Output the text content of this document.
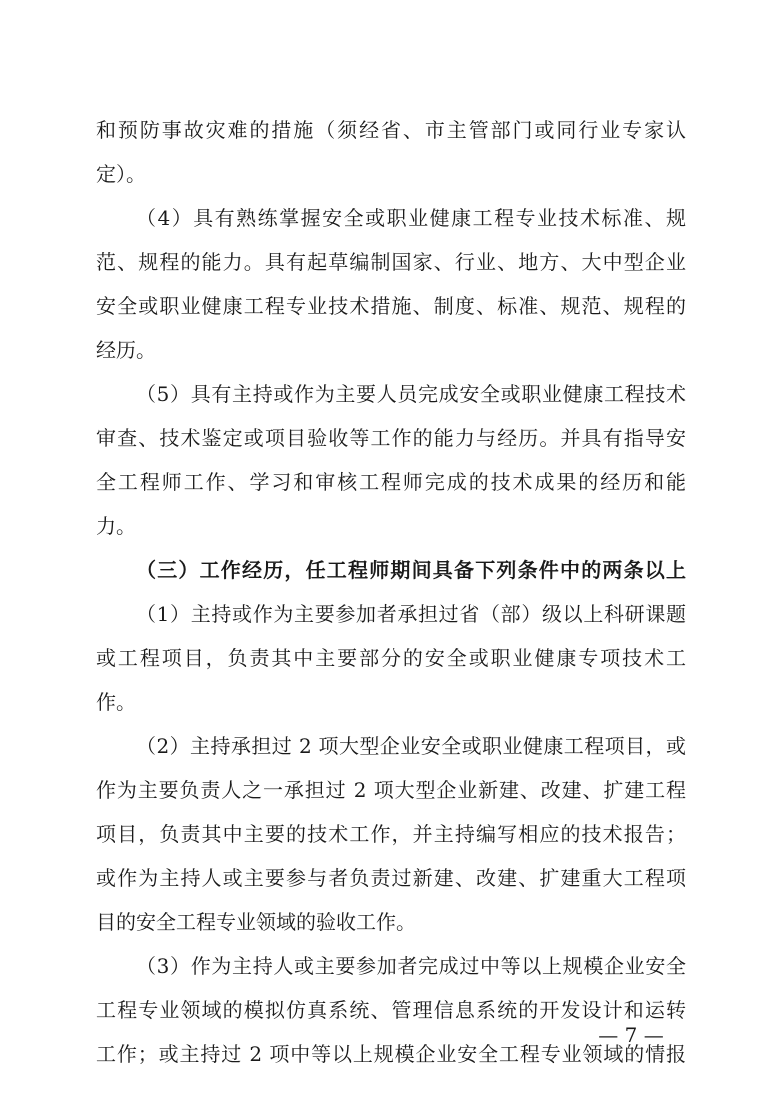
和预防事故灾难的措施（须经省、市主管部门或同行业专家认
定）。
（4）具有熟练掌握安全或职业健康工程专业技术标准、规
范、规程的能力。具有起草编制国家、行业、地方、大中型企业
安全或职业健康工程专业技术措施、制度、标准、规范、规程的
经历。
（5）具有主持或作为主要人员完成安全或职业健康工程技术
审查、技术鉴定或项目验收等工作的能力与经历。并具有指导安
全工程师工作、学习和审核工程师完成的技术成果的经历和能
力。
（三）工作经历，任工程师期间具备下列条件中的两条以上
（1）主持或作为主要参加者承担过省（部）级以上科研课题
或工程项目，负责其中主要部分的安全或职业健康专项技术工
作。
（2）主持承担过 2 项大型企业安全或职业健康工程项目，或
作为主要负责人之一承担过 2 项大型企业新建、改建、扩建工程
项目，负责其中主要的技术工作，并主持编写相应的技术报告；
或作为主持人或主要参与者负责过新建、改建、扩建重大工程项
目的安全工程专业领域的验收工作。
（3）作为主持人或主要参加者完成过中等以上规模企业安全
工程专业领域的模拟仿真系统、管理信息系统的开发设计和运转
工作；或主持过 2 项中等以上规模企业安全工程专业领域的情报
— 7 —
